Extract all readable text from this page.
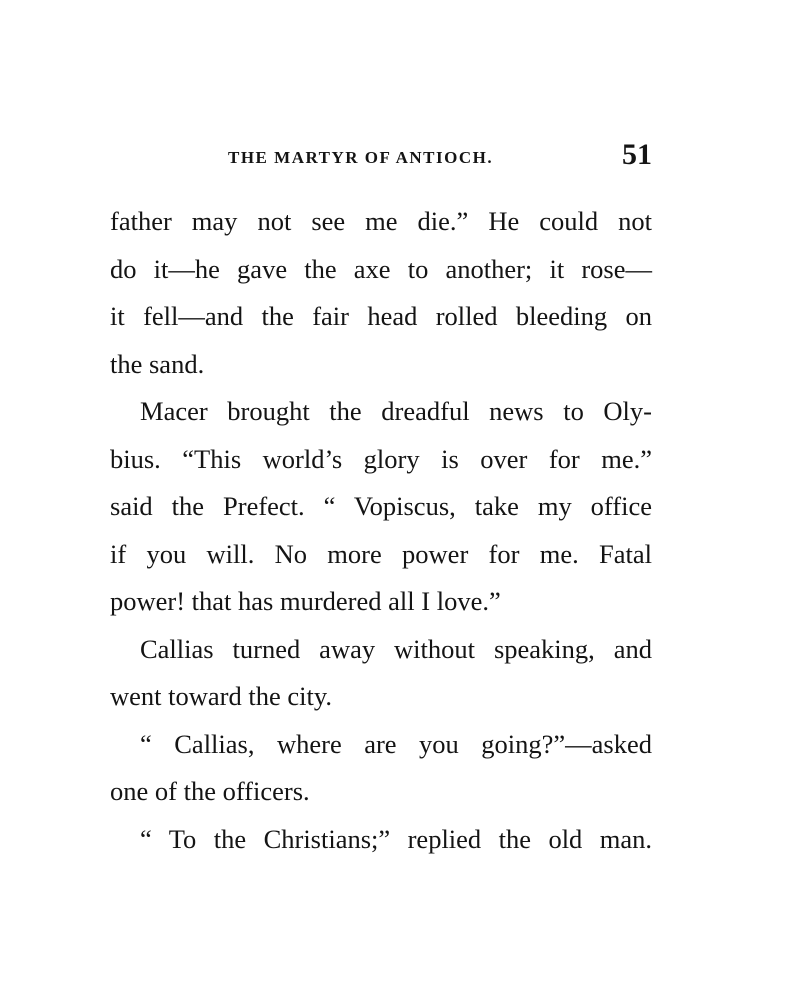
THE MARTYR OF ANTIOCH.	51
father may not see me die.” He could not
do it—he gave the axe to another; it rose—
it fell—and the fair head rolled bleeding on
the sand.
Macer brought the dreadful news to Oly-
bius. “This world’s glory is over for me.”
said the Prefect. “ Vopiscus, take my office
if you will. No more power for me. Fatal
power! that has murdered all I love.”
Callias turned away without speaking, and
went toward the city.
“ Callias, where are you going?”—asked
one of the officers.
“ To the Christians;” replied the old man.
